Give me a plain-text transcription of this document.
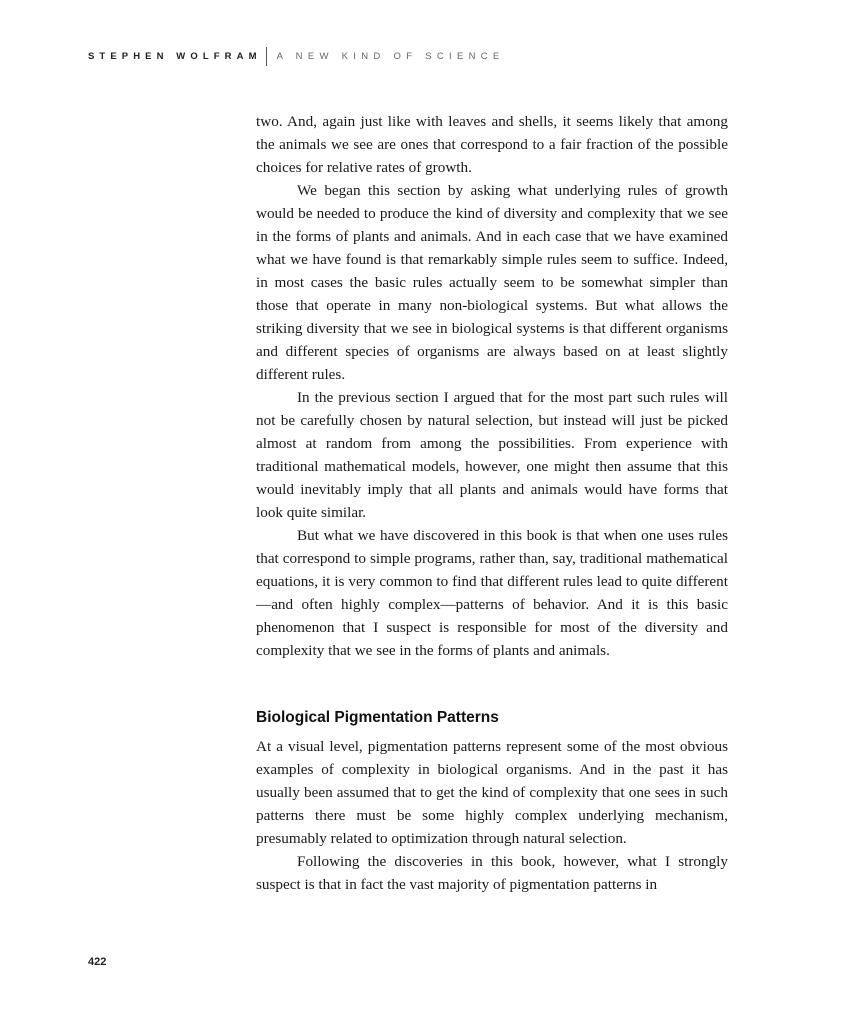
STEPHEN WOLFRAM A NEW KIND OF SCIENCE

two. And, again just like with leaves and shells, it seems likely that among the animals we see are ones that correspond to a fair fraction of the possible choices for relative rates of growth.

We began this section by asking what underlying rules of growth would be needed to produce the kind of diversity and complexity that we see in the forms of plants and animals. And in each case that we have examined what we have found is that remarkably simple rules seem to suffice. Indeed, in most cases the basic rules actually seem to be somewhat simpler than those that operate in many non-biological systems. But what allows the striking diversity that we see in biological systems is that different organisms and different species of organisms are always based on at least slightly different rules.

In the previous section I argued that for the most part such rules will not be carefully chosen by natural selection, but instead will just be picked almost at random from among the possibilities. From experience with traditional mathematical models, however, one might then assume that this would inevitably imply that all plants and animals would have forms that look quite similar.

But what we have discovered in this book is that when one uses rules that correspond to simple programs, rather than, say, traditional mathematical equations, it is very common to find that different rules lead to quite different—and often highly complex—patterns of behavior. And it is this basic phenomenon that I suspect is responsible for most of the diversity and complexity that we see in the forms of plants and animals.

Biological Pigmentation Patterns

At a visual level, pigmentation patterns represent some of the most obvious examples of complexity in biological organisms. And in the past it has usually been assumed that to get the kind of complexity that one sees in such patterns there must be some highly complex underlying mechanism, presumably related to optimization through natural selection.

Following the discoveries in this book, however, what I strongly suspect is that in fact the vast majority of pigmentation patterns in

422
